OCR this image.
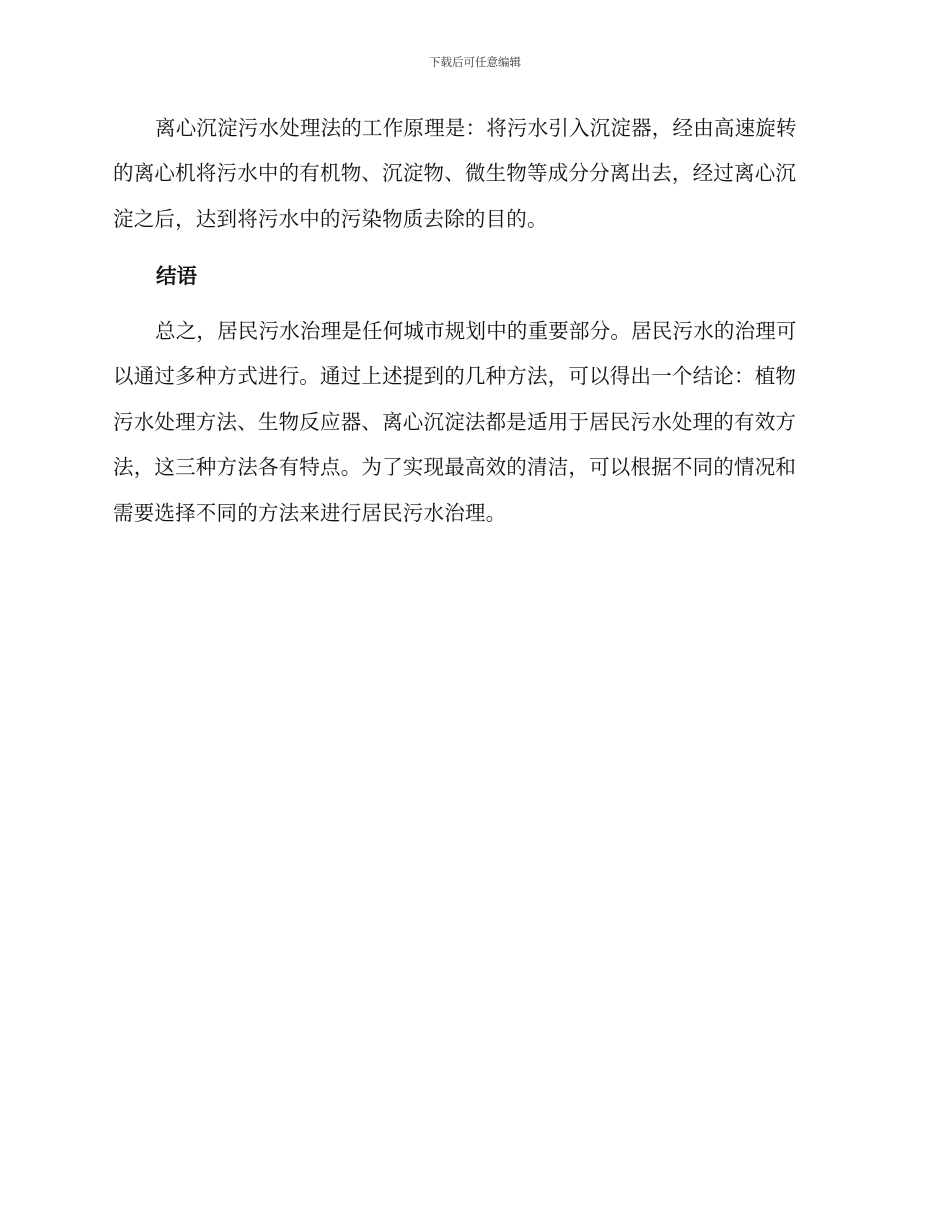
下载后可任意编辑
离心沉淀污水处理法的工作原理是：将污水引入沉淀器，经由高速旋转
的离心机将污水中的有机物、沉淀物、微生物等成分分离出去，经过离心沉
淀之后，达到将污水中的污染物质去除的目的。
结语
总之，居民污水治理是任何城市规划中的重要部分。居民污水的治理可
以通过多种方式进行。通过上述提到的几种方法，可以得出一个结论：植物
污水处理方法、生物反应器、离心沉淀法都是适用于居民污水处理的有效方
法，这三种方法各有特点。为了实现最高效的清洁，可以根据不同的情况和
需要选择不同的方法来进行居民污水治理。
